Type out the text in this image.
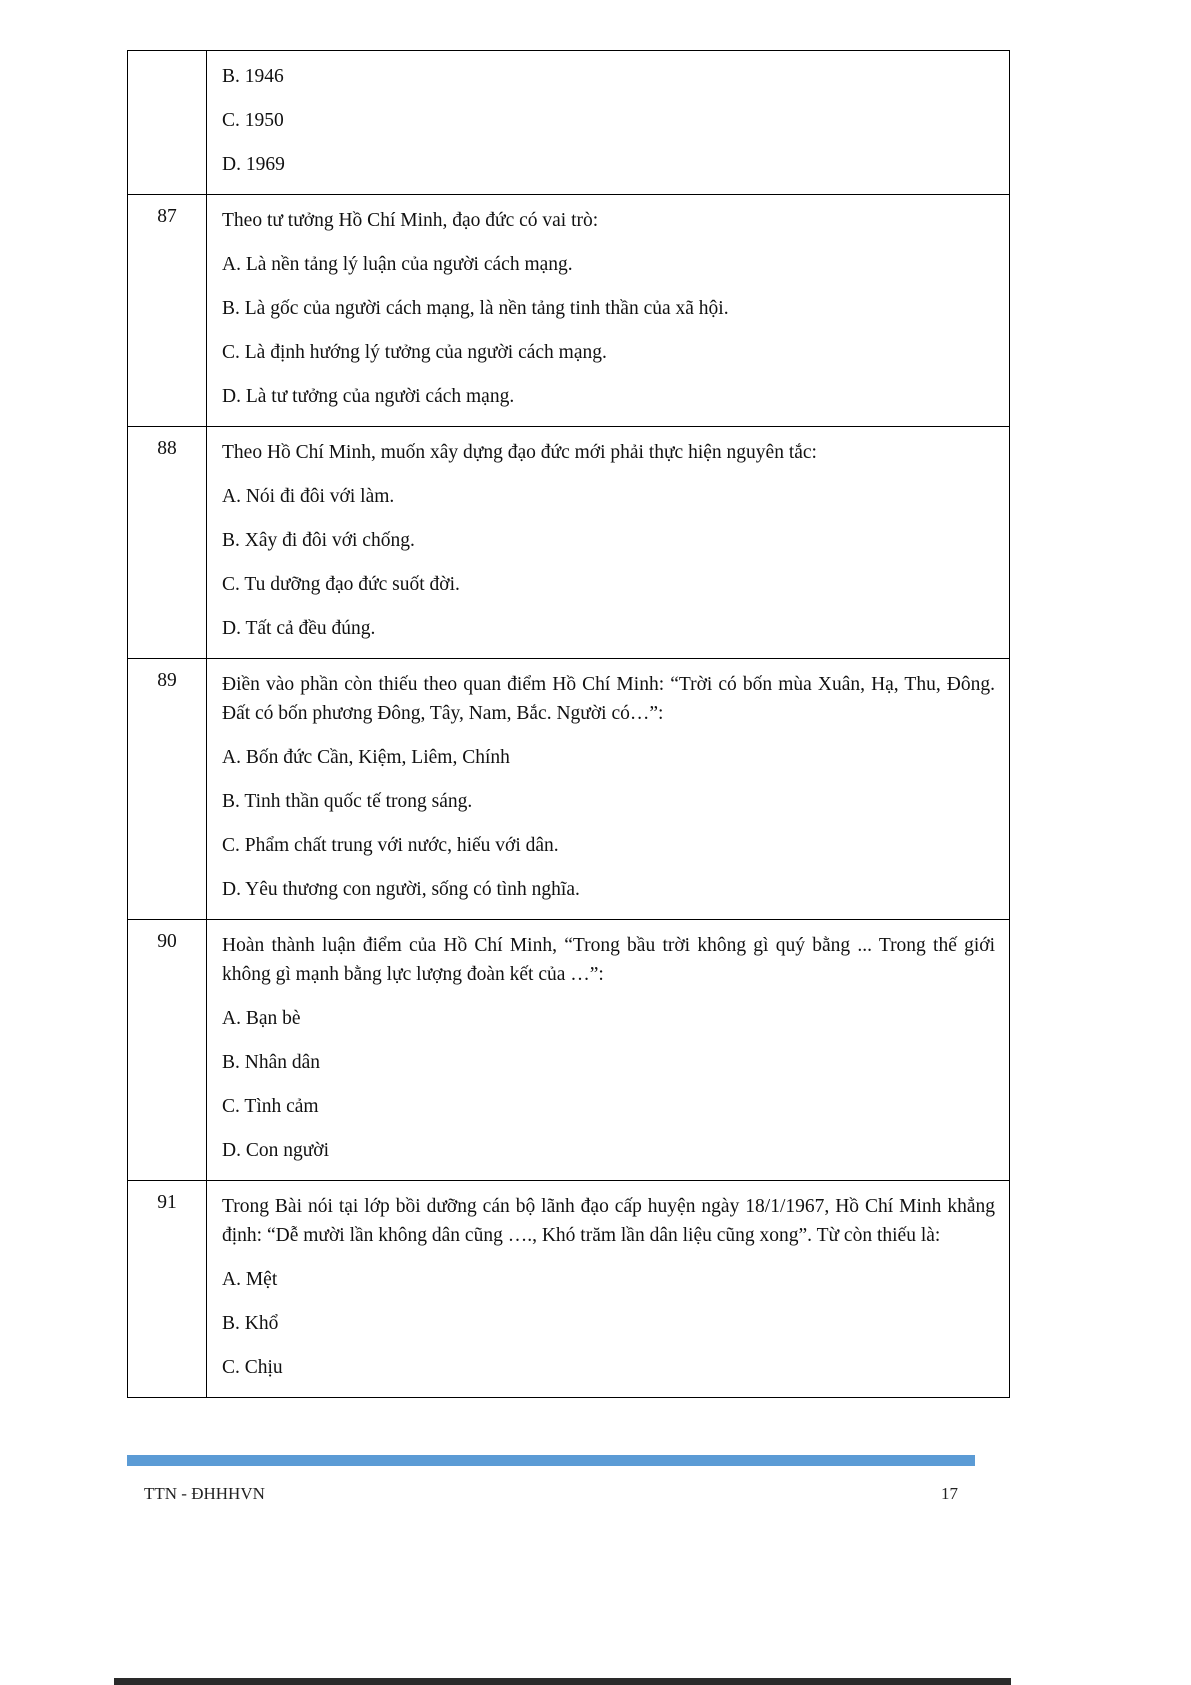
	B. 1946

C. 1950

D. 1969

87	Theo tư tưởng Hồ Chí Minh, đạo đức có vai trò:

A. Là nền tảng lý luận của người cách mạng.

B. Là gốc của người cách mạng, là nền tảng tinh thần của xã hội.

C. Là định hướng lý tưởng của người cách mạng.

D. Là tư tưởng của người cách mạng.

88	Theo Hồ Chí Minh, muốn xây dựng đạo đức mới phải thực hiện nguyên tắc:

A. Nói đi đôi với làm.

B. Xây đi đôi với chống.

C. Tu dưỡng đạo đức suốt đời.

D. Tất cả đều đúng.

89	Điền vào phần còn thiếu theo quan điểm Hồ Chí Minh: “Trời có bốn mùa Xuân, Hạ, Thu, Đông. Đất có bốn phương Đông, Tây, Nam, Bắc. Người có…”:

A. Bốn đức Cần, Kiệm, Liêm, Chính

B. Tinh thần quốc tế trong sáng.

C. Phẩm chất trung với nước, hiếu với dân.

D. Yêu thương con người, sống có tình nghĩa.

90	Hoàn thành luận điểm của Hồ Chí Minh, “Trong bầu trời không gì quý bằng ... Trong thế giới không gì mạnh bằng lực lượng đoàn kết của …”:

A. Bạn bè

B. Nhân dân

C. Tình cảm

D. Con người

91	Trong Bài nói tại lớp bồi dưỡng cán bộ lãnh đạo cấp huyện ngày 18/1/1967, Hồ Chí Minh khẳng định: “Dễ mười lần không dân cũng …., Khó trăm lần dân liệu cũng xong”. Từ còn thiếu là:

A. Mệt

B. Khổ

C. Chịu

TTN - ĐHHHVN	17
